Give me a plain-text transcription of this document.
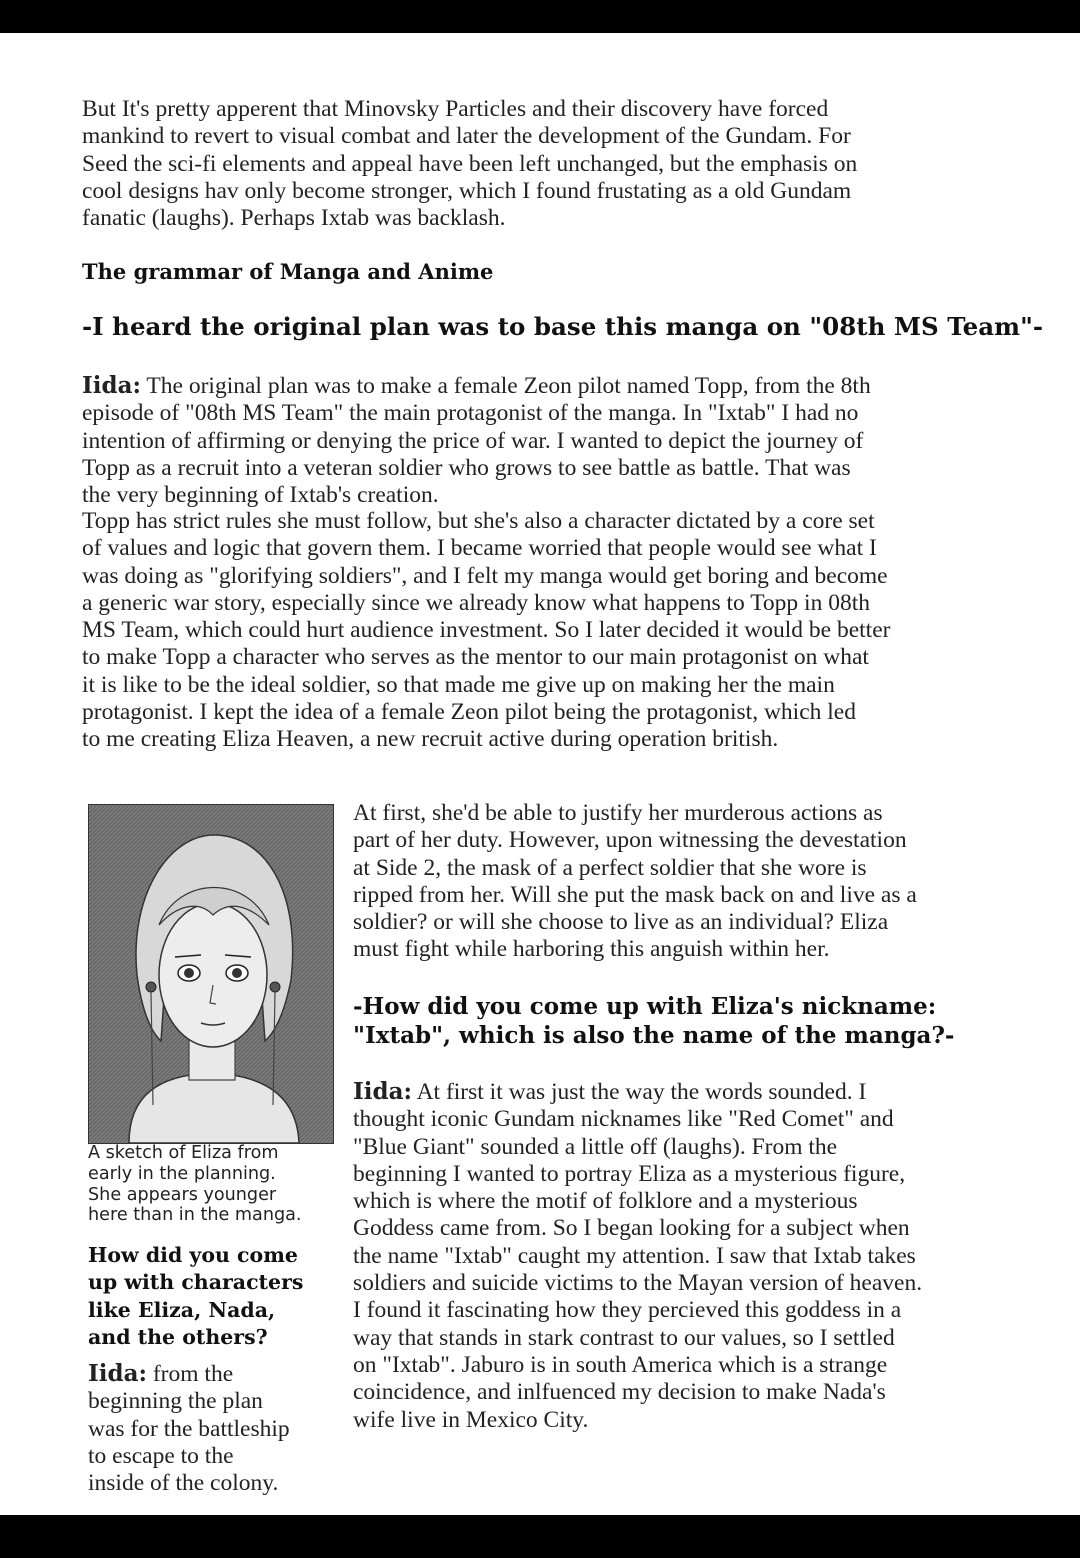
But It's pretty apperent that Minovsky Particles and their discovery have forced
mankind to revert to visual combat and later the development of the Gundam. For
Seed the sci-fi elements and appeal have been left unchanged, but the emphasis on
cool designs hav only become stronger, which I found frustating as a old Gundam
fanatic (laughs). Perhaps Ixtab was backlash.

The grammar of Manga and Anime
-I heard the original plan was to base this manga on "08th MS Team"-

Iida: The original plan was to make a female Zeon pilot named Topp, from the 8th
episode of "08th MS Team" the main protagonist of the manga. In "Ixtab" I had no
intention of affirming or denying the price of war. I wanted to depict the journey of
Topp as a recruit into a veteran soldier who grows to see battle as battle. That was
the very beginning of Ixtab's creation.

Topp has strict rules she must follow, but she's also a character dictated by a core set
of values and logic that govern them. I became worried that people would see what I
was doing as "glorifying soldiers", and I felt my manga would get boring and become
a generic war story, especially since we already know what happens to Topp in 08th
MS Team, which could hurt audience investment. So I later decided it would be better
to make Topp a character who serves as the mentor to our main protagonist on what
it is like to be the ideal soldier, so that made me give up on making her the main
protagonist. I kept the idea of a female Zeon pilot being the protagonist, which led
to me creating Eliza Heaven, a new recruit active during operation british.

A sketch of Eliza from
early in the planning.
She appears younger
here than in the manga.

How did you come
up with characters
like Eliza, Nada,
and the others?

Iida: from the
beginning the plan
was for the battleship
to escape to the
inside of the colony.

At first, she'd be able to justify her murderous actions as
part of her duty. However, upon witnessing the devestation
at Side 2, the mask of a perfect soldier that she wore is
ripped from her. Will she put the mask back on and live as a
soldier? or will she choose to live as an individual? Eliza
must fight while harboring this anguish within her.

-How did you come up with Eliza's nickname:
"Ixtab", which is also the name of the manga?-

Iida: At first it was just the way the words sounded. I
thought iconic Gundam nicknames like "Red Comet" and
"Blue Giant" sounded a little off (laughs). From the
beginning I wanted to portray Eliza as a mysterious figure,
which is where the motif of folklore and a mysterious
Goddess came from. So I began looking for a subject when
the name "Ixtab" caught my attention. I saw that Ixtab takes
soldiers and suicide victims to the Mayan version of heaven.
I found it fascinating how they percieved this goddess in a
way that stands in stark contrast to our values, so I settled
on "Ixtab". Jaburo is in south America which is a strange
coincidence, and inlfuenced my decision to make Nada's
wife live in Mexico City.
